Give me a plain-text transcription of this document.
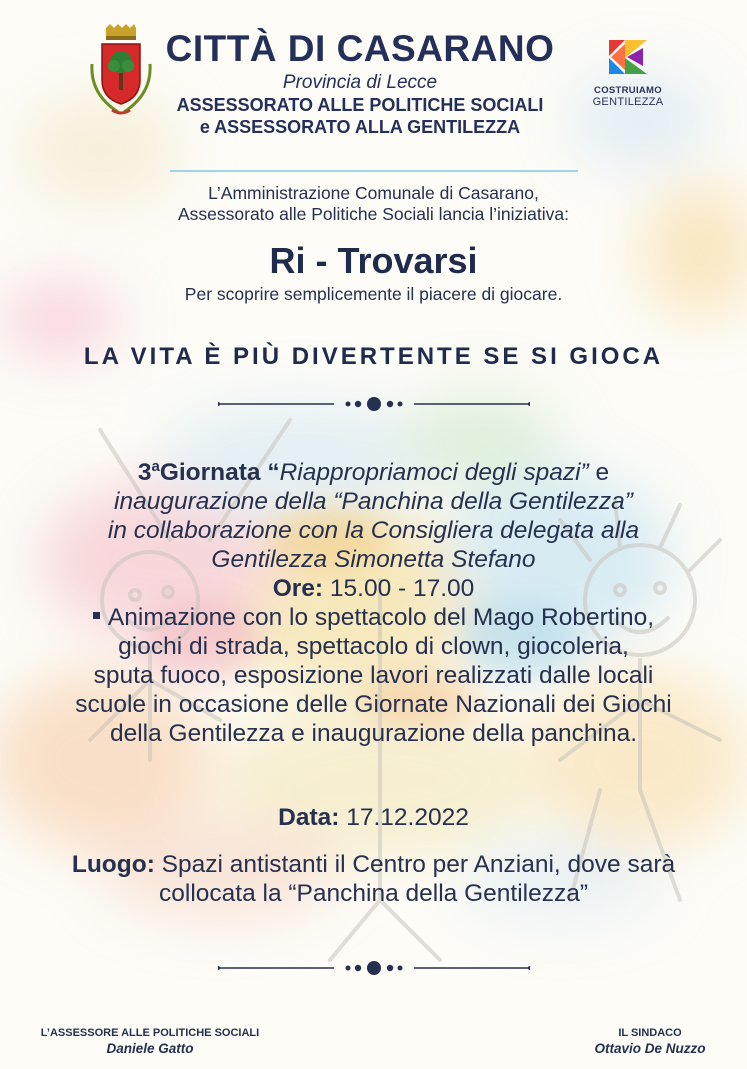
CITTÀ DI CASARANO
Provincia di Lecce
ASSESSORATO ALLE POLITICHE SOCIALI
e ASSESSORATO ALLA GENTILEZZA
COSTRUIAMO
GENTILEZZA
L’Amministrazione Comunale di Casarano,
Assessorato alle Politiche Sociali lancia l’iniziativa:
Ri - Trovarsi
Per scoprire semplicemente il piacere di giocare.
LA VITA È PIÙ DIVERTENTE SE SI GIOCA
3$^a$Giornata “Riappropriamoci degli spazi” e
inaugurazione della “Panchina della Gentilezza”
in collaborazione con la Consigliera delegata alla
Gentilezza Simonetta Stefano
Ore: 15.00 - 17.00
Animazione con lo spettacolo del Mago Robertino,
giochi di strada, spettacolo di clown, giocoleria,
sputa fuoco, esposizione lavori realizzati dalle locali
scuole in occasione delle Giornate Nazionali dei Giochi
della Gentilezza e inaugurazione della panchina.
Data: 17.12.2022
Luogo: Spazi antistanti il Centro per Anziani, dove sarà
collocata la “Panchina della Gentilezza”
L’ASSESSORE ALLE POLITICHE SOCIALI
Daniele Gatto
IL SINDACO
Ottavio De Nuzzo
